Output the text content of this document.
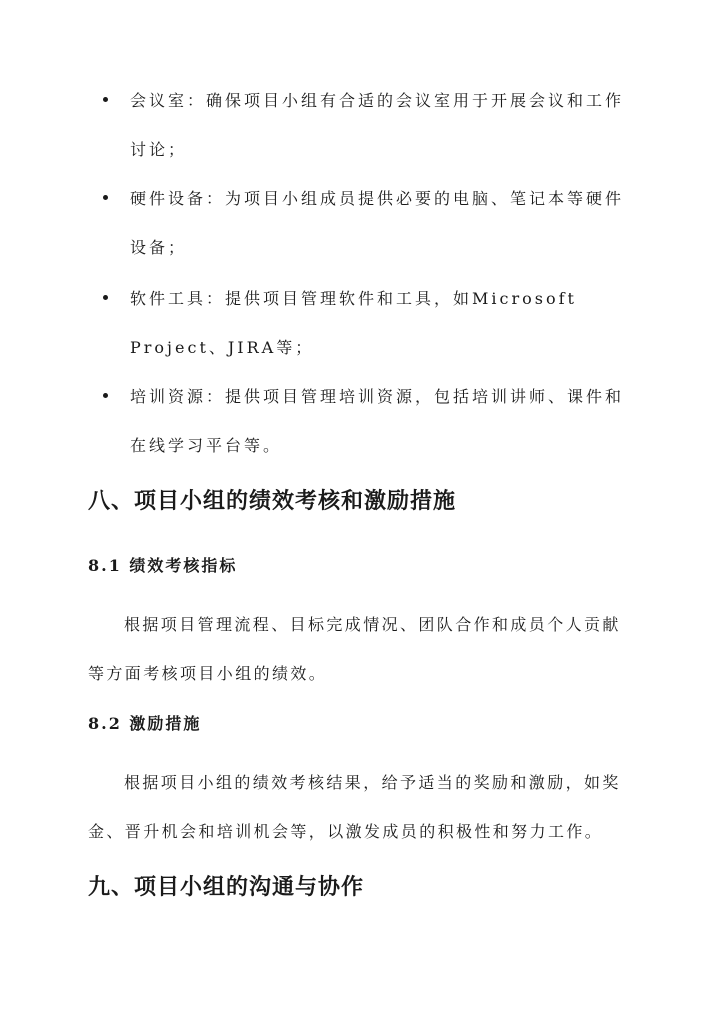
会议室：确保项目小组有合适的会议室用于开展会议和工作讨论；
硬件设备：为项目小组成员提供必要的电脑、笔记本等硬件设备；
软件工具：提供项目管理软件和工具，如Microsoft Project、JIRA等；
培训资源：提供项目管理培训资源，包括培训讲师、课件和在线学习平台等。
八、项目小组的绩效考核和激励措施
8.1 绩效考核指标
根据项目管理流程、目标完成情况、团队合作和成员个人贡献等方面考核项目小组的绩效。
8.2 激励措施
根据项目小组的绩效考核结果，给予适当的奖励和激励，如奖金、晋升机会和培训机会等，以激发成员的积极性和努力工作。
九、项目小组的沟通与协作
